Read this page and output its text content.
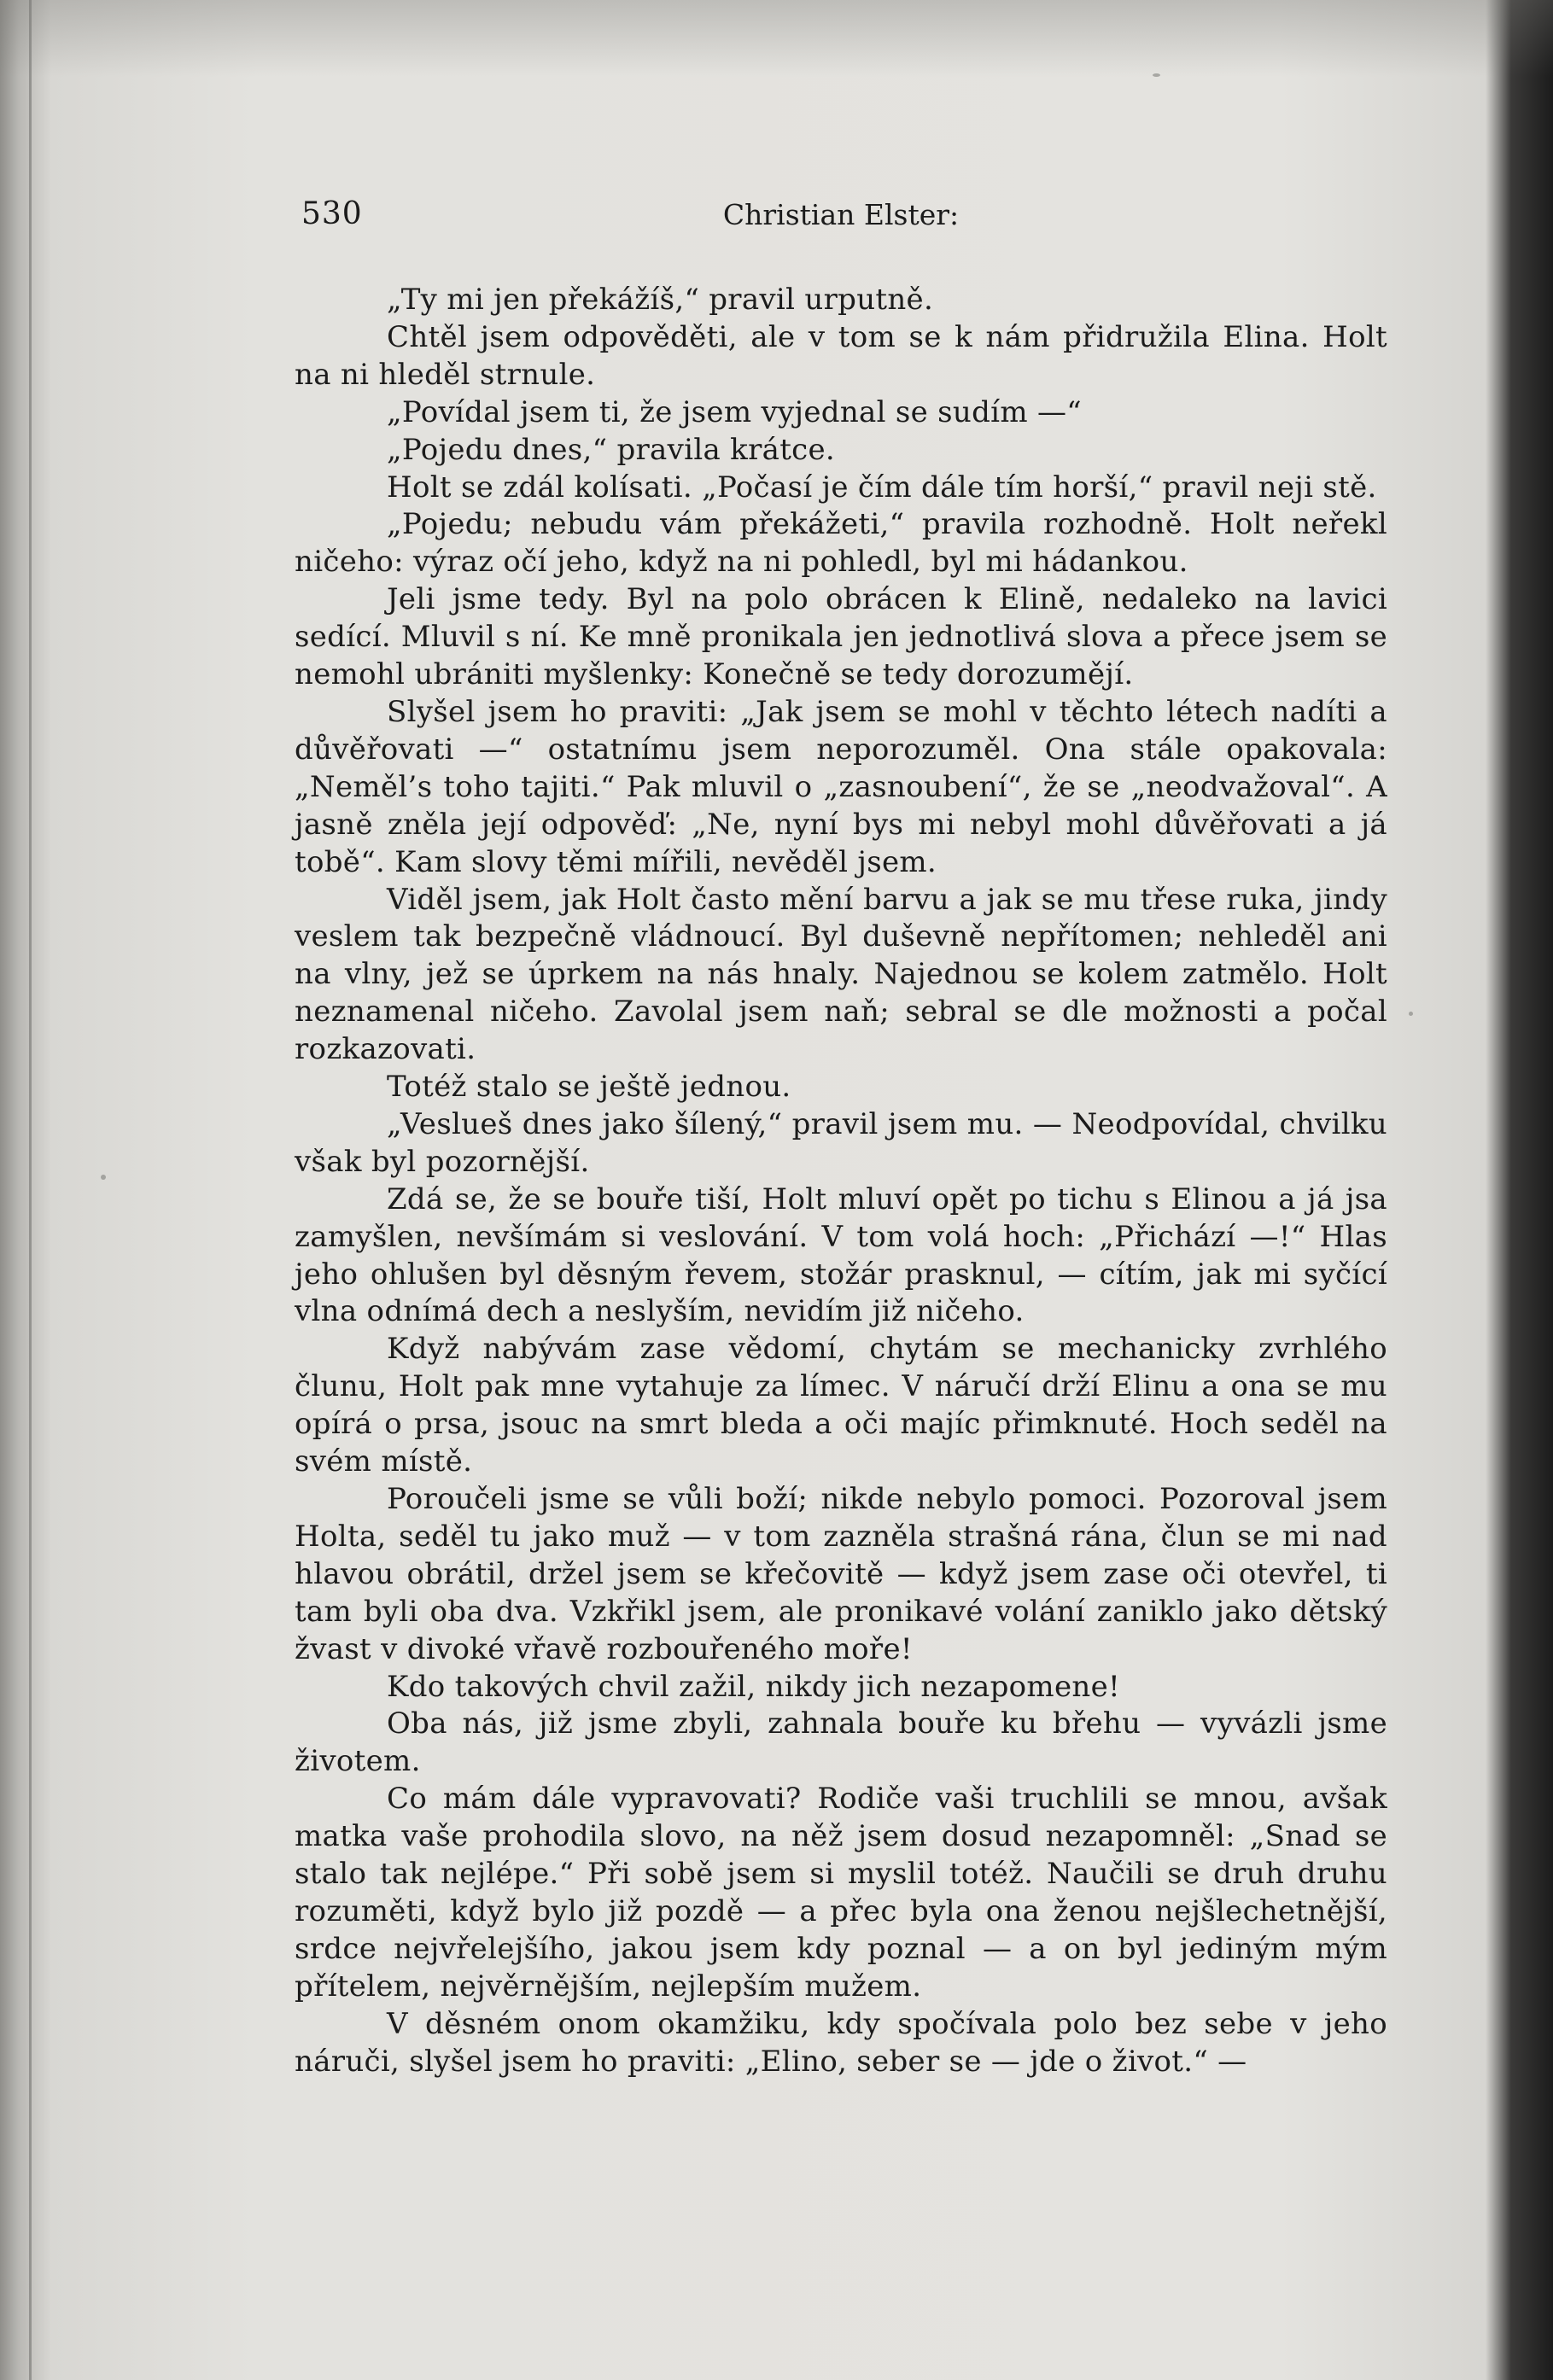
530	Christian Elster:

„Ty mi jen překážíš,“ pravil urputně.

Chtěl jsem odpověděti, ale v tom se k nám přidružila Elina. Holt na ni hleděl strnule.

„Povídal jsem ti, že jsem vyjednal se sudím —“

„Pojedu dnes,“ pravila krátce.

Holt se zdál kolísati. „Počasí je čím dále tím horší,“ pravil neji stě.

„Pojedu; nebudu vám překážeti,“ pravila rozhodně. Holt neřekl ničeho: výraz očí jeho, když na ni pohledl, byl mi hádankou.

Jeli jsme tedy. Byl na polo obrácen k Elině, nedaleko na lavici sedící. Mluvil s ní. Ke mně pronikala jen jednotlivá slova a přece jsem se nemohl ubrániti myšlenky: Konečně se tedy dorozumějí.

Slyšel jsem ho praviti: „Jak jsem se mohl v těchto létech nadíti a důvěřovati —“ ostatnímu jsem neporozuměl. Ona stále opakovala: „Neměl’s toho tajiti.“ Pak mluvil o „zasnoubení“, že se „neodvažoval“. A jasně zněla její odpověď: „Ne, nyní bys mi nebyl mohl důvěřovati a já tobě“. Kam slovy těmi mířili, nevěděl jsem.

Viděl jsem, jak Holt často mění barvu a jak se mu třese ruka, jindy veslem tak bezpečně vládnoucí. Byl duševně nepřítomen; nehleděl ani na vlny, jež se úprkem na nás hnaly. Najednou se kolem zatmělo. Holt neznamenal ničeho. Zavolal jsem naň; sebral se dle možnosti a počal rozkazovati.

Totéž stalo se ještě jednou.

„Veslueš dnes jako šílený,“ pravil jsem mu. — Neodpovídal, chvilku však byl pozornější.

Zdá se, že se bouře tiší, Holt mluví opět po tichu s Elinou a já jsa zamyšlen, nevšímám si veslování. V tom volá hoch: „Přichází —!“ Hlas jeho ohlušen byl děsným řevem, stožár prasknul, — cítím, jak mi syčící vlna odnímá dech a neslyším, nevidím již ničeho.

Když nabývám zase vědomí, chytám se mechanicky zvrhlého člunu, Holt pak mne vytahuje za límec. V náručí drží Elinu a ona se mu opírá o prsa, jsouc na smrt bleda a oči majíc přimknuté. Hoch seděl na svém místě.

Poroučeli jsme se vůli boží; nikde nebylo pomoci. Pozoroval jsem Holta, seděl tu jako muž — v tom zazněla strašná rána, člun se mi nad hlavou obrátil, držel jsem se křečovitě — když jsem zase oči otevřel, ti tam byli oba dva. Vzkřikl jsem, ale pronikavé volání zaniklo jako dětský žvast v divoké vřavě rozbouřeného moře!

Kdo takových chvil zažil, nikdy jich nezapomene!

Oba nás, již jsme zbyli, zahnala bouře ku břehu — vyvázli jsme životem.

Co mám dále vypravovati? Rodiče vaši truchlili se mnou, avšak matka vaše prohodila slovo, na něž jsem dosud nezapomněl: „Snad se stalo tak nejlépe.“ Při sobě jsem si myslil totéž. Naučili se druh druhu rozuměti, když bylo již pozdě — a přec byla ona ženou nejšlechetnější, srdce nejvřelejšího, jakou jsem kdy poznal — a on byl jediným mým přítelem, nejvěrnějším, nejlepším mužem.

V děsném onom okamžiku, kdy spočívala polo bez sebe v jeho náruči, slyšel jsem ho praviti: „Elino, seber se — jde o život.“ —
